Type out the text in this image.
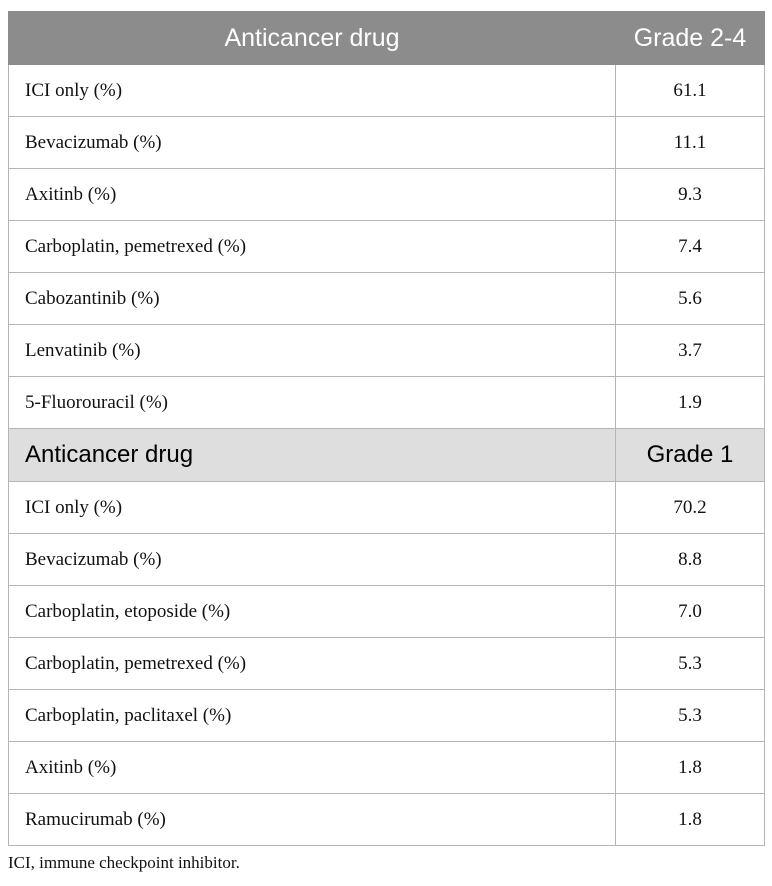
Anticancer drug	Grade 2-4
ICI only (%)	61.1
Bevacizumab (%)	11.1
Axitinb (%)	9.3
Carboplatin, pemetrexed (%)	7.4
Cabozantinib (%)	5.6
Lenvatinib (%)	3.7
5-Fluorouracil (%)	1.9
Anticancer drug	Grade 1
ICI only (%)	70.2
Bevacizumab (%)	8.8
Carboplatin, etoposide (%)	7.0
Carboplatin, pemetrexed (%)	5.3
Carboplatin, paclitaxel (%)	5.3
Axitinb (%)	1.8
Ramucirumab (%)	1.8
ICI, immune checkpoint inhibitor.
